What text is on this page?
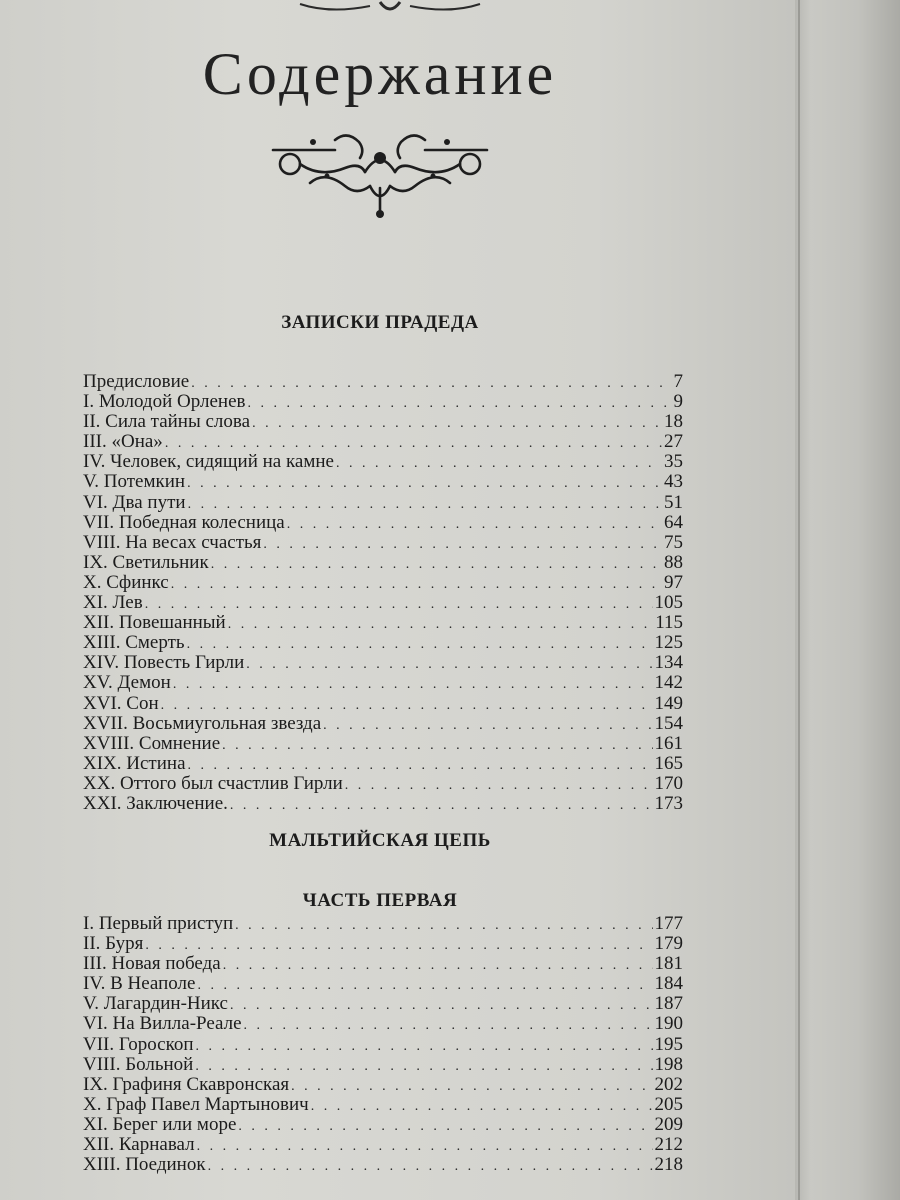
Содержание
ЗАПИСКИ ПРАДЕДА
Предисловие . . .	7
I. Молодой Орленев . . .	9
II. Сила тайны слова . . .	18
III. «Она» . . .	27
IV. Человек, сидящий на камне . . .	35
V. Потемкин . . .	43
VI. Два пути . . .	51
VII. Победная колесница . . .	64
VIII. На весах счастья . . .	75
IX. Светильник . . .	88
X. Сфинкс . . .	97
XI. Лев . . .	105
XII. Повешанный . . .	115
XIII. Смерть . . .	125
XIV. Повесть Гирли . . .	134
XV. Демон . . .	142
XVI. Сон . . .	149
XVII. Восьмиугольная звезда . . .	154
XVIII. Сомнение . . .	161
XIX. Истина . . .	165
XX. Оттого был счастлив Гирли . . .	170
XXI. Заключение. . . .	173
МАЛЬТИЙСКАЯ ЦЕПЬ
ЧАСТЬ ПЕРВАЯ
I. Первый приступ . . .	177
II. Буря . . .	179
III. Новая победа . . .	181
IV. В Неаполе . . .	184
V. Лагардин-Никс . . .	187
VI. На Вилла-Реале . . .	190
VII. Гороскоп . . .	195
VIII. Больной . . .	198
IX. Графиня Скавронская . . .	202
X. Граф Павел Мартынович . . .	205
XI. Берег или море . . .	209
XII. Карнавал . . .	212
XIII. Поединок . . .	218
